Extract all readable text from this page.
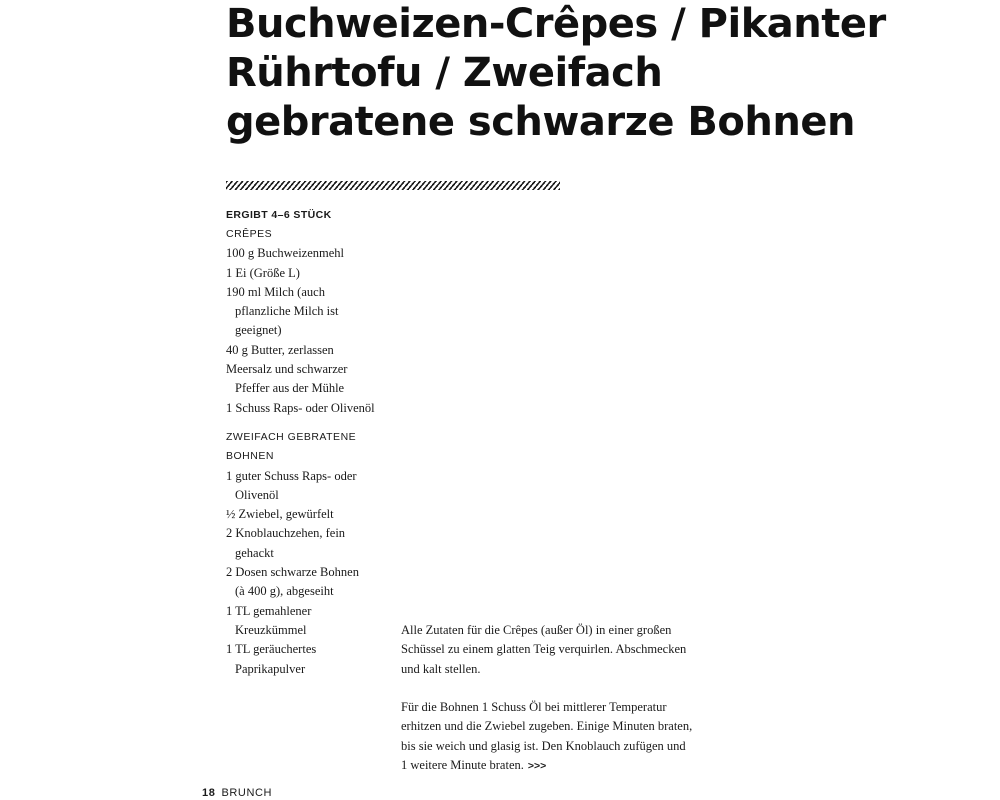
Buchweizen-Crêpes / Pikanter
Rührtofu / Zweifach
gebratene schwarze Bohnen
ERGIBT 4–6 STÜCK
CRÊPES
100 g Buchweizenmehl
1 Ei (Größe L)
190 ml Milch (auch
pflanzliche Milch ist
geeignet)
40 g Butter, zerlassen
Meersalz und schwarzer
Pfeffer aus der Mühle
1 Schuss Raps- oder Olivenöl
ZWEIFACH GEBRATENE
BOHNEN
1 guter Schuss Raps- oder
Olivenöl
½ Zwiebel, gewürfelt
2 Knoblauchzehen, fein
gehackt
2 Dosen schwarze Bohnen
(à 400 g), abgeseiht
1 TL gemahlener
Kreuzkümmel
1 TL geräuchertes
Paprikapulver

Alle Zutaten für die Crêpes (außer Öl) in einer großen
Schüssel zu einem glatten Teig verquirlen. Abschmecken
und kalt stellen.

Für die Bohnen 1 Schuss Öl bei mittlerer Temperatur
erhitzen und die Zwiebel zugeben. Einige Minuten braten,
bis sie weich und glasig ist. Den Knoblauch zufügen und
1 weitere Minute braten. >>>

18 BRUNCH
